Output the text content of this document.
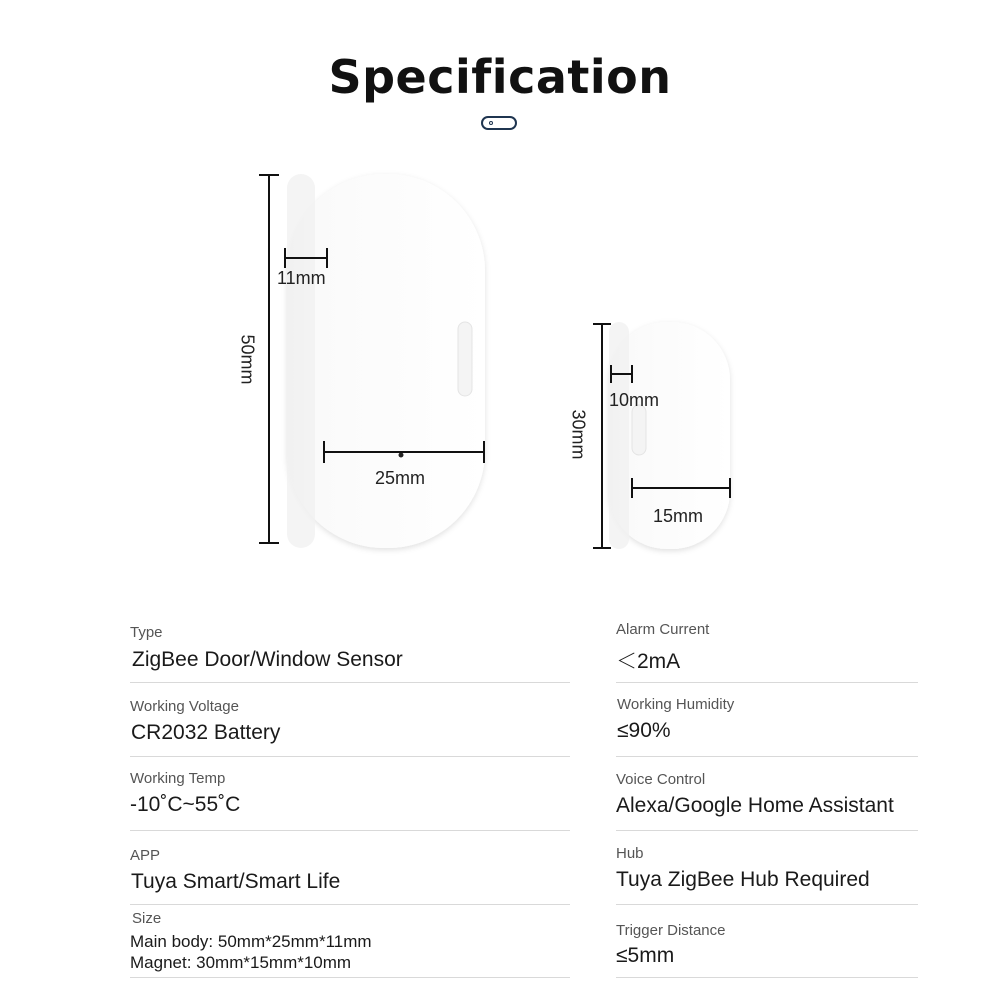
Specification
50mm
11mm
25mm
30mm
10mm
15mm
Type
ZigBee Door/Window Sensor
Working Voltage
CR2032 Battery
Working Temp
-10˚C~55˚C
APP
Tuya Smart/Smart Life
Size
Main body: 50mm*25mm*11mm
Magnet: 30mm*15mm*10mm
Alarm Current
＜2mA
Working Humidity
≤90%
Voice Control
Alexa/Google Home Assistant
Hub
Tuya ZigBee Hub Required
Trigger Distance
≤5mm
